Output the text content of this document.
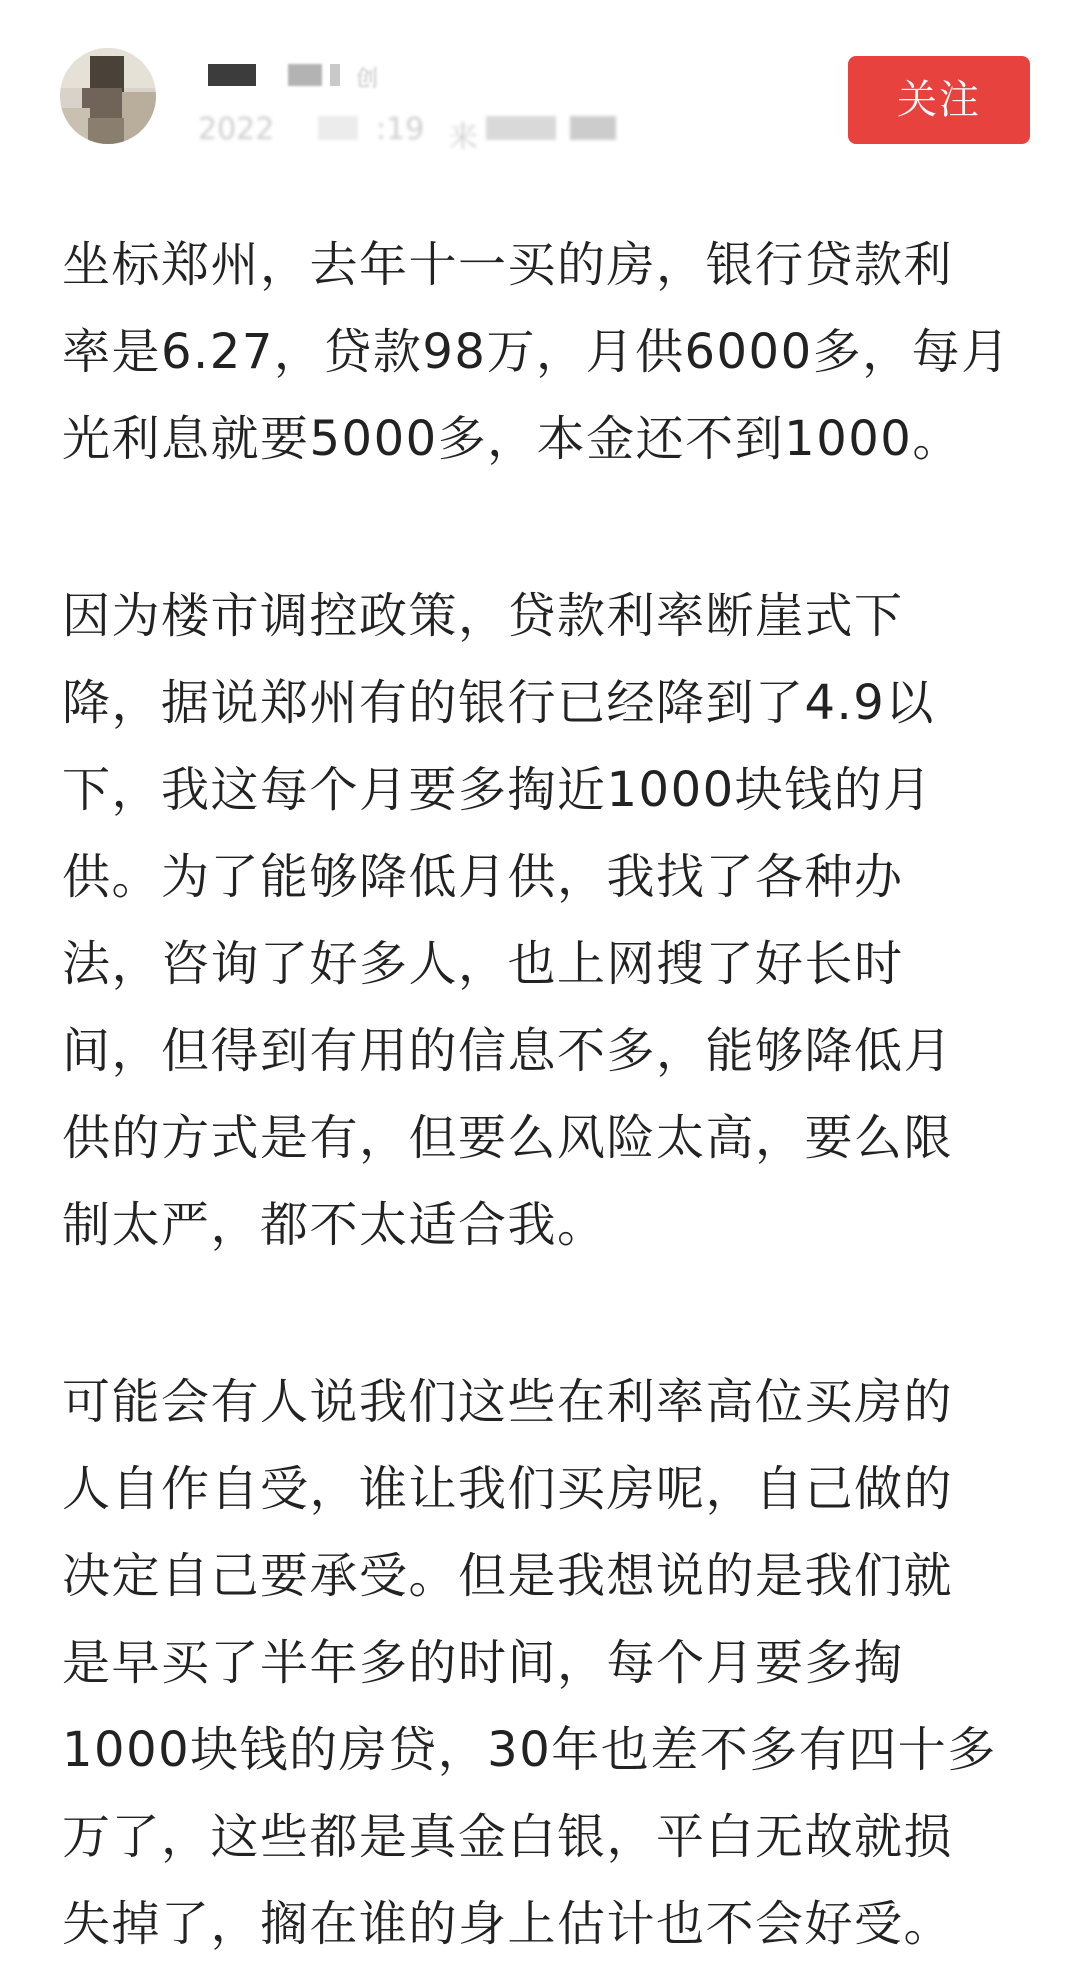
创
2022	:19 来
关注
坐标郑州，去年十一买的房，银行贷款利
率是6.27，贷款98万，月供6000多，每月
光利息就要5000多，本金还不到1000。
因为楼市调控政策，贷款利率断崖式下
降，据说郑州有的银行已经降到了4.9以
下，我这每个月要多掏近1000块钱的月
供。为了能够降低月供，我找了各种办
法，咨询了好多人，也上网搜了好长时
间，但得到有用的信息不多，能够降低月
供的方式是有，但要么风险太高，要么限
制太严，都不太适合我。
可能会有人说我们这些在利率高位买房的
人自作自受，谁让我们买房呢，自己做的
决定自己要承受。但是我想说的是我们就
是早买了半年多的时间，每个月要多掏
1000块钱的房贷，30年也差不多有四十多
万了，这些都是真金白银，平白无故就损
失掉了，搁在谁的身上估计也不会好受。
